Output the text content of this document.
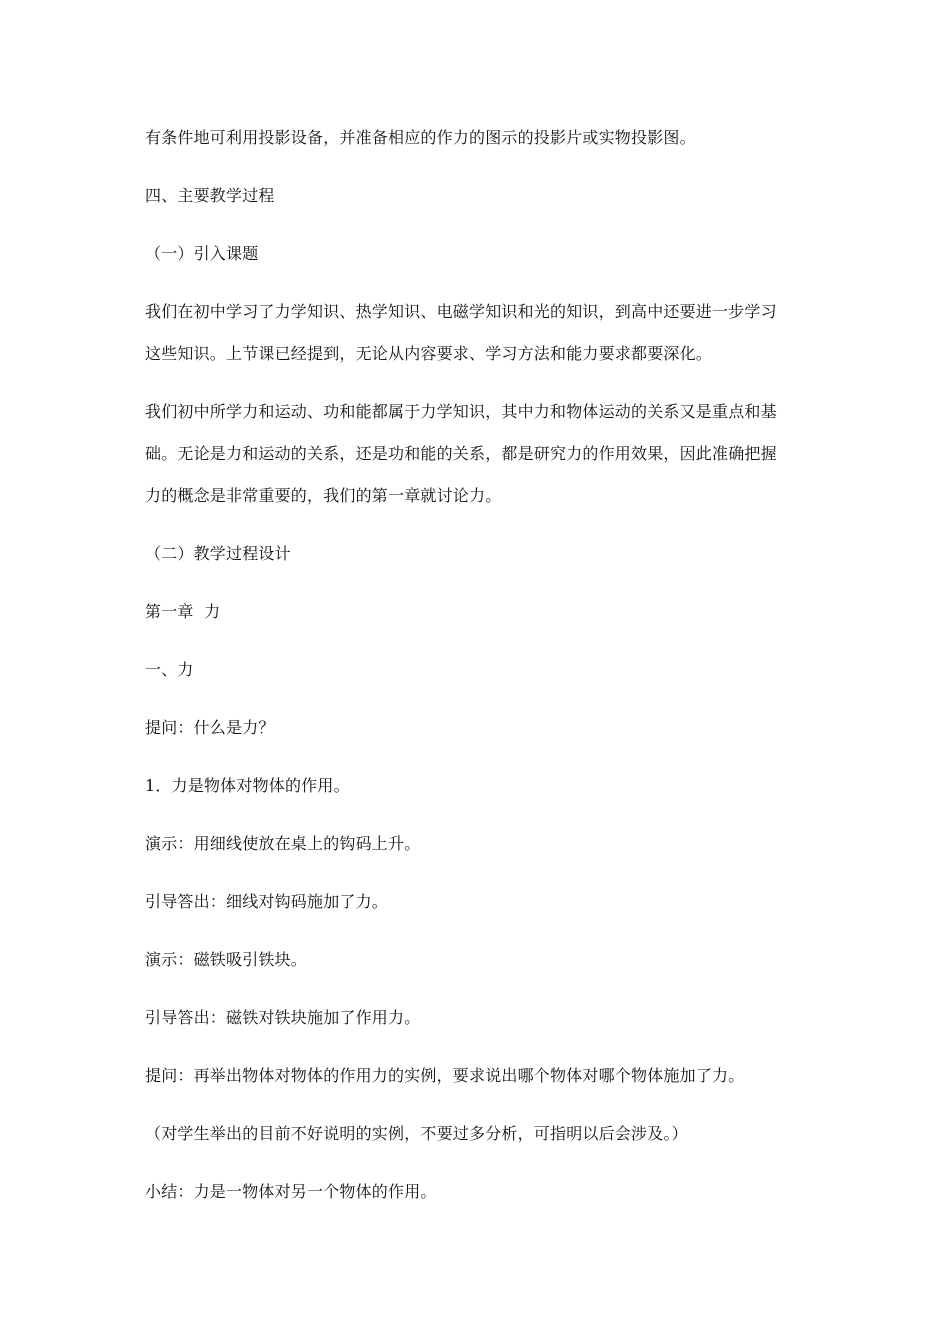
有条件地可利用投影设备，并准备相应的作力的图示的投影片或实物投影图。
四、主要教学过程
（一）引入课题
我们在初中学习了力学知识、热学知识、电磁学知识和光的知识，到高中还要进一步学习
这些知识。上节课已经提到，无论从内容要求、学习方法和能力要求都要深化。
我们初中所学力和运动、功和能都属于力学知识，其中力和物体运动的关系又是重点和基
础。无论是力和运动的关系，还是功和能的关系，都是研究力的作用效果，因此准确把握
力的概念是非常重要的，我们的第一章就讨论力。
（二）教学过程设计
第一章  力
一、力
提问：什么是力？
1．力是物体对物体的作用。
演示：用细线使放在桌上的钩码上升。
引导答出：细线对钩码施加了力。
演示：磁铁吸引铁块。
引导答出：磁铁对铁块施加了作用力。
提问：再举出物体对物体的作用力的实例，要求说出哪个物体对哪个物体施加了力。
（对学生举出的目前不好说明的实例，不要过多分析，可指明以后会涉及。）
小结：力是一物体对另一个物体的作用。
